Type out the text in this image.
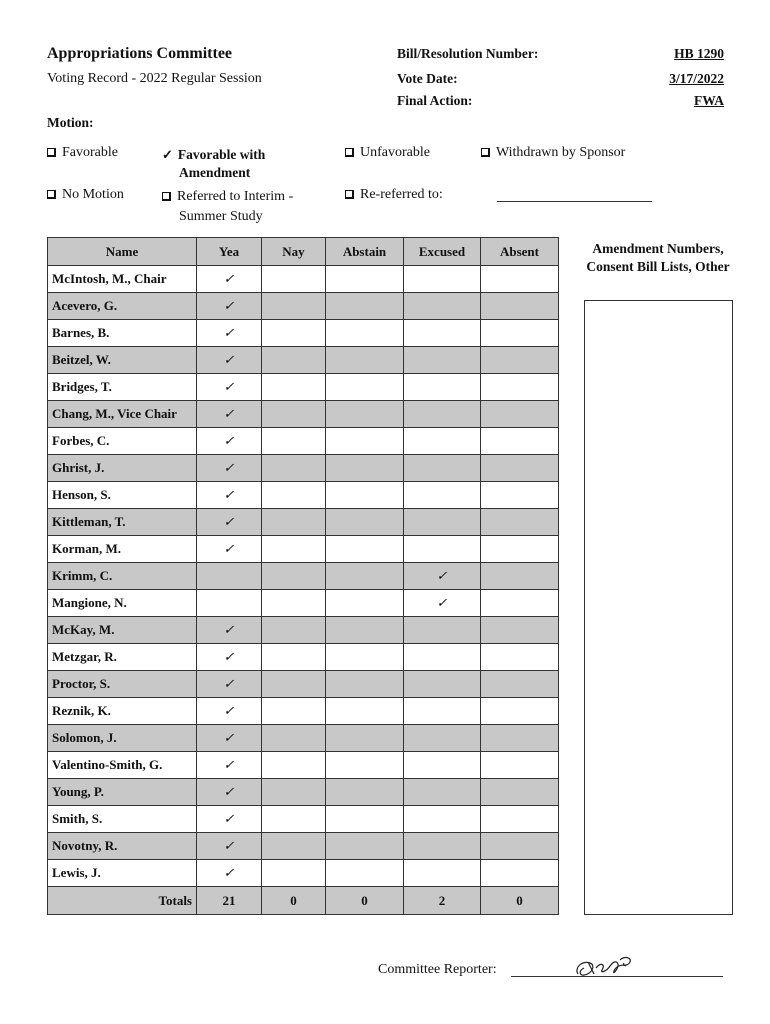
Appropriations Committee
Voting Record - 2022 Regular Session
Bill/Resolution Number:	HB 1290
Vote Date:	3/17/2022
Final Action:	FWA
Motion:
Favorable	✓ Favorable with
Amendment
Unfavorable	Withdrawn by Sponsor
No Motion	Referred to Interim -
Summer Study
Re-referred to:
Name	Yea	Nay	Abstain	Excused	Absent
McIntosh, M., Chair	✓				
Acevero, G.	✓				
Barnes, B.	✓				
Beitzel, W.	✓				
Bridges, T.	✓				
Chang, M., Vice Chair	✓				
Forbes, C.	✓				
Ghrist, J.	✓				
Henson, S.	✓				
Kittleman, T.	✓				
Korman, M.	✓				
Krimm, C.				✓	
Mangione, N.				✓	
McKay, M.	✓				
Metzgar, R.	✓				
Proctor, S.	✓				
Reznik, K.	✓				
Solomon, J.	✓				
Valentino-Smith, G.	✓				
Young, P.	✓				
Smith, S.	✓				
Novotny, R.	✓				
Lewis, J.	✓				
Totals	21	0	0	2	0
Amendment Numbers, Consent Bill Lists, Other
Committee Reporter:
